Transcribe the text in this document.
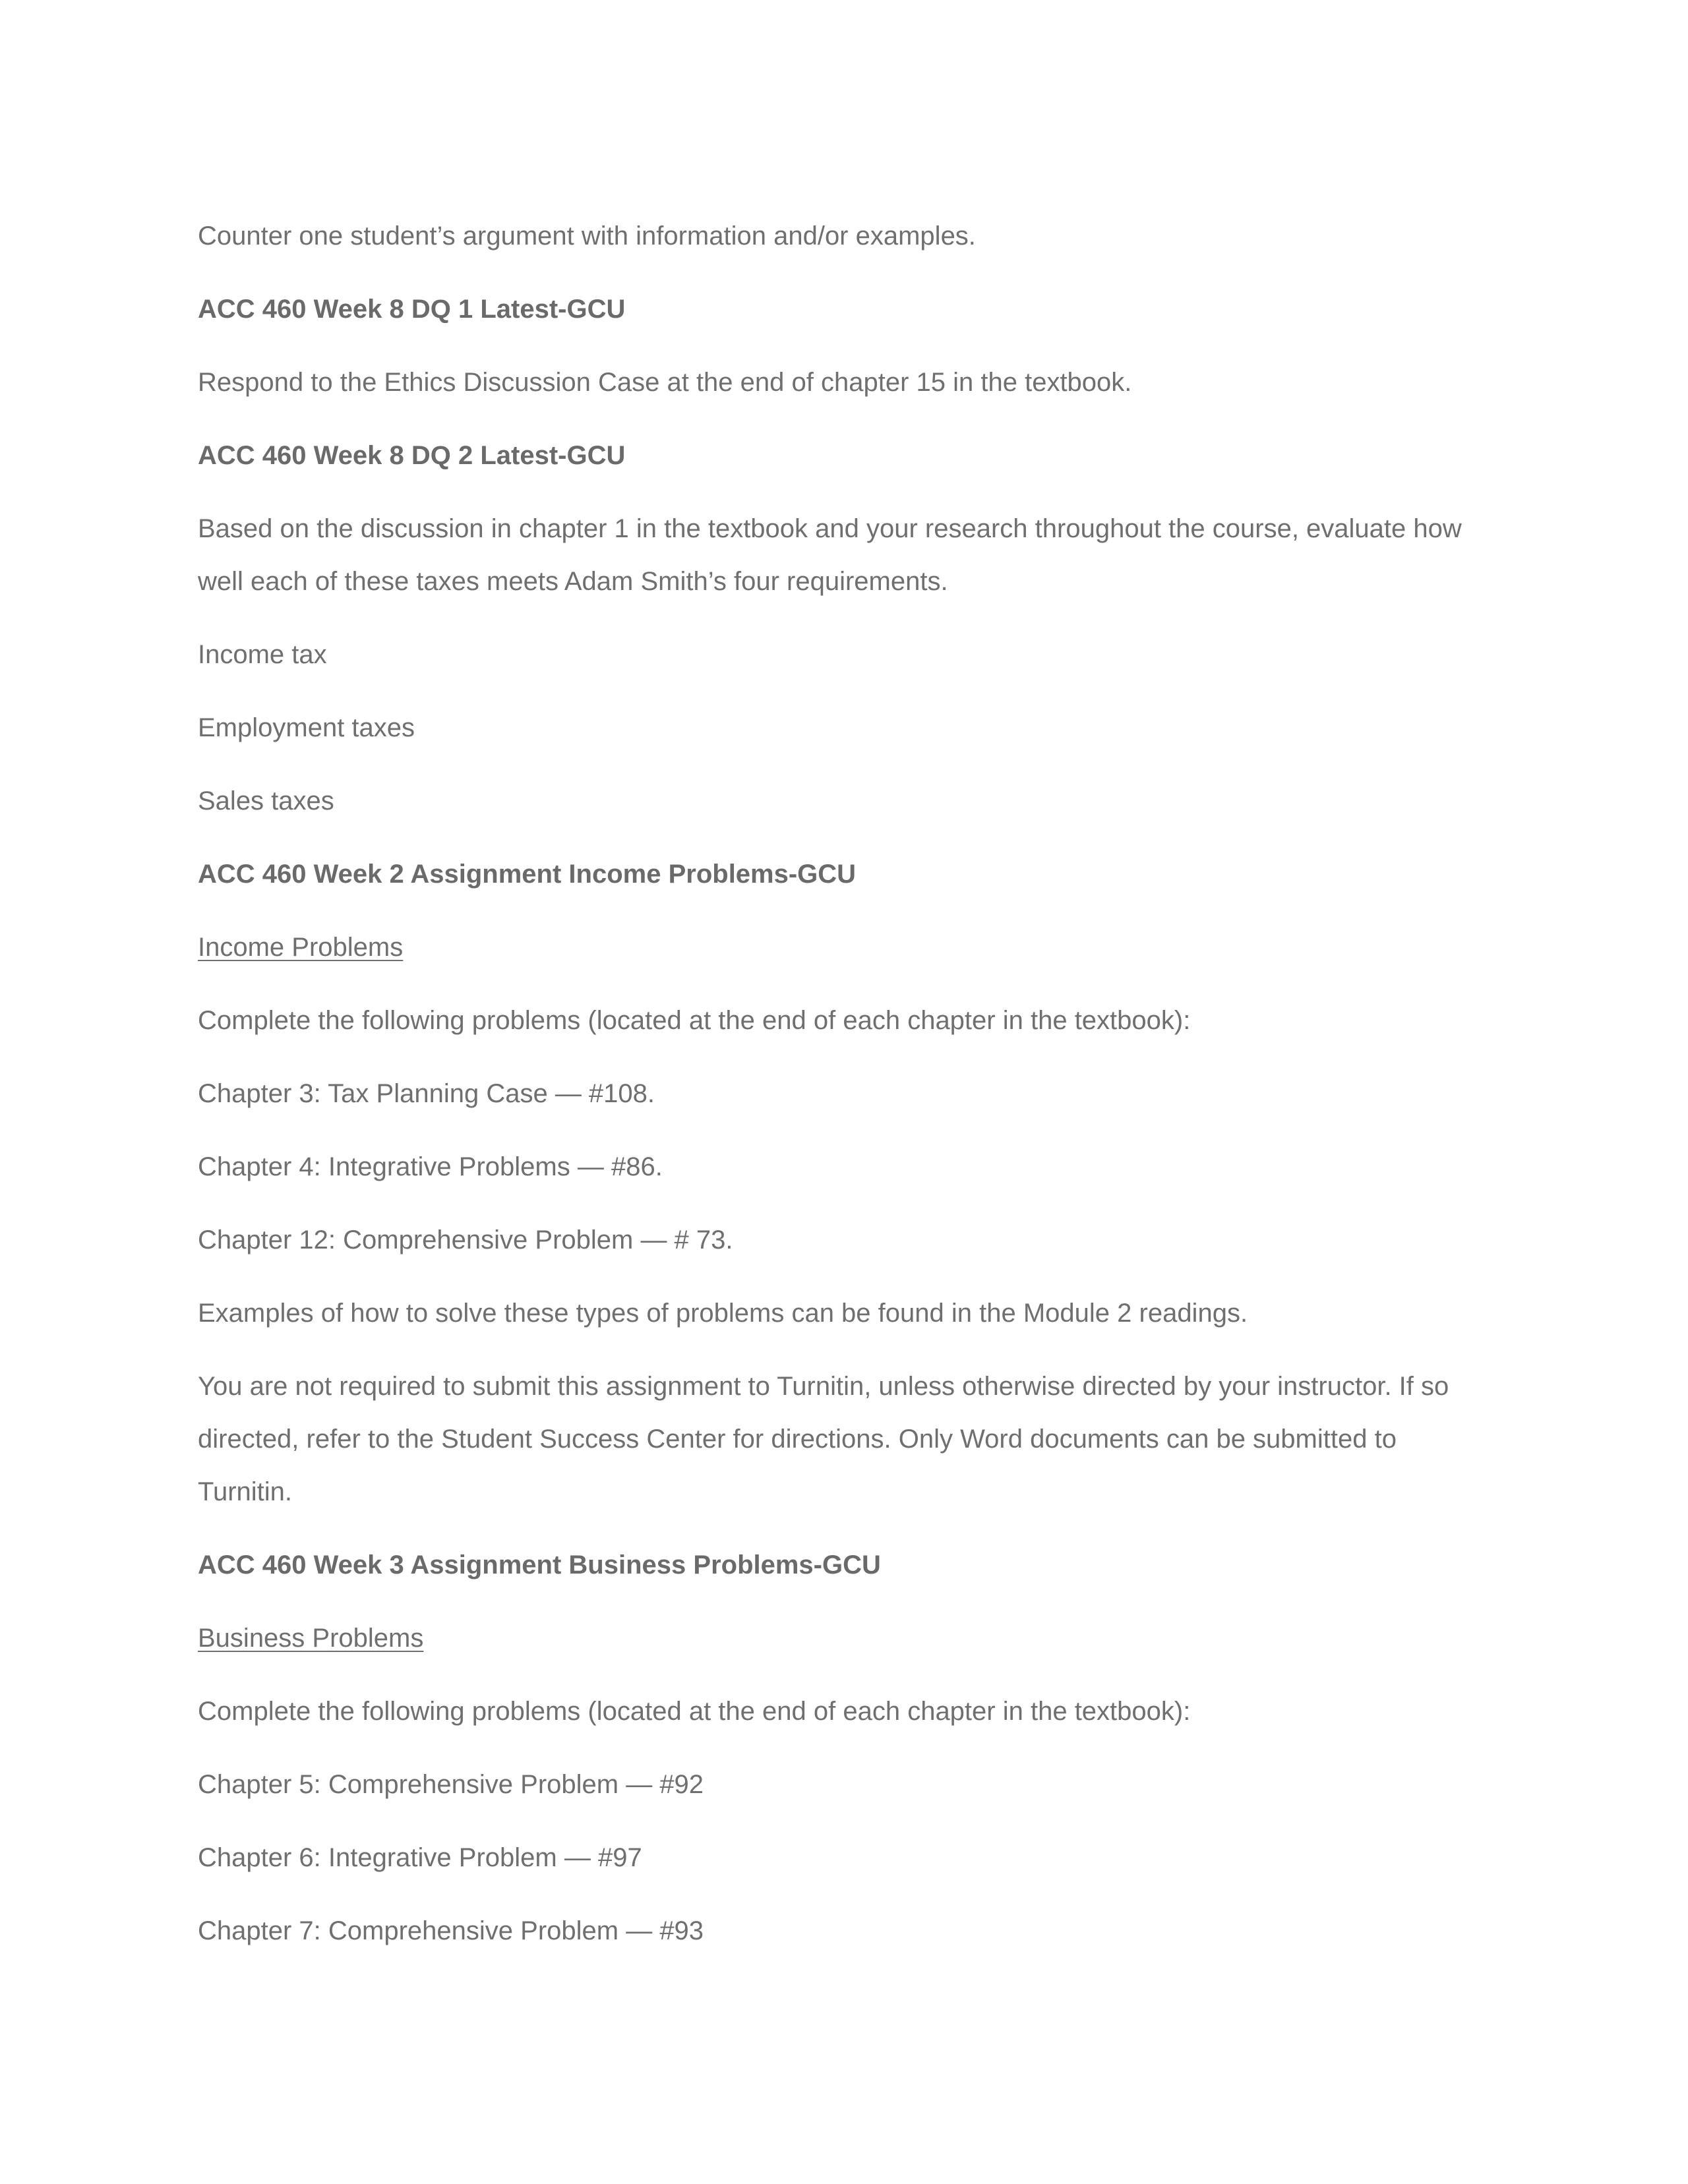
Counter one student’s argument with information and/or examples.

ACC 460 Week 8 DQ 1 Latest-GCU

Respond to the Ethics Discussion Case at the end of chapter 15 in the textbook.

ACC 460 Week 8 DQ 2 Latest-GCU

Based on the discussion in chapter 1 in the textbook and your research throughout the course, evaluate how well each of these taxes meets Adam Smith’s four requirements.

Income tax

Employment taxes

Sales taxes

ACC 460 Week 2 Assignment Income Problems-GCU

Income Problems

Complete the following problems (located at the end of each chapter in the textbook):

Chapter 3: Tax Planning Case — #108.

Chapter 4: Integrative Problems — #86.

Chapter 12: Comprehensive Problem — # 73.

Examples of how to solve these types of problems can be found in the Module 2 readings.

You are not required to submit this assignment to Turnitin, unless otherwise directed by your instructor. If so directed, refer to the Student Success Center for directions. Only Word documents can be submitted to Turnitin.

ACC 460 Week 3 Assignment Business Problems-GCU

Business Problems

Complete the following problems (located at the end of each chapter in the textbook):

Chapter 5: Comprehensive Problem — #92

Chapter 6: Integrative Problem — #97

Chapter 7: Comprehensive Problem — #93
